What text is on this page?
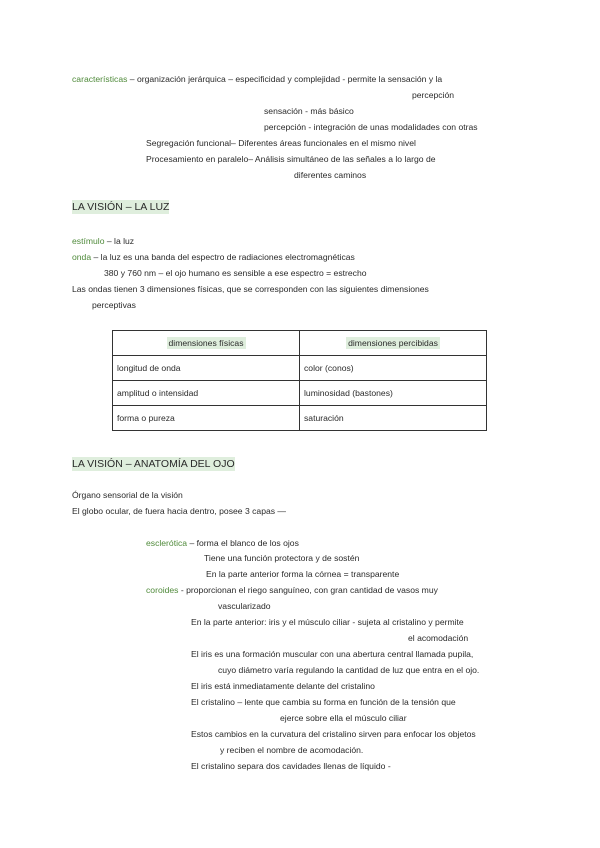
características – organización jerárquica – especificidad y complejidad - permite la sensación y la
percepción
sensación - más básico
percepción - integración de unas modalidades con otras
Segregación funcional– Diferentes áreas funcionales en el mismo nivel
Procesamiento en paralelo– Análisis simultáneo de las señales a lo largo de
diferentes caminos
LA VISIÓN – LA LUZ
estímulo – la luz
onda – la luz es una banda del espectro de radiaciones electromagnéticas
380 y 760 nm – el ojo humano es sensible a ese espectro = estrecho
Las ondas tienen 3 dimensiones físicas, que se corresponden con las siguientes dimensiones
perceptivas
dimensiones físicas	dimensiones percibidas
longitud de onda	color (conos)
amplitud o intensidad	luminosidad (bastones)
forma o pureza	saturación
LA VISIÓN – ANATOMÍA DEL OJO
Órgano sensorial de la visión
El globo ocular, de fuera hacia dentro, posee 3 capas —
esclerótica – forma el blanco de los ojos
Tiene una función protectora y de sostén
En la parte anterior forma la córnea = transparente
coroides - proporcionan el riego sanguíneo, con gran cantidad de vasos muy
vascularizado
En la parte anterior: iris y el músculo ciliar - sujeta al cristalino y permite
el acomodación
El iris es una formación muscular con una abertura central llamada pupila,
cuyo diámetro varía regulando la cantidad de luz que entra en el ojo.
El iris está inmediatamente delante del cristalino
El cristalino – lente que cambia su forma en función de la tensión que
ejerce sobre ella el músculo ciliar
Estos cambios en la curvatura del cristalino sirven para enfocar los objetos
y reciben el nombre de acomodación.
El cristalino separa dos cavidades llenas de líquido -
